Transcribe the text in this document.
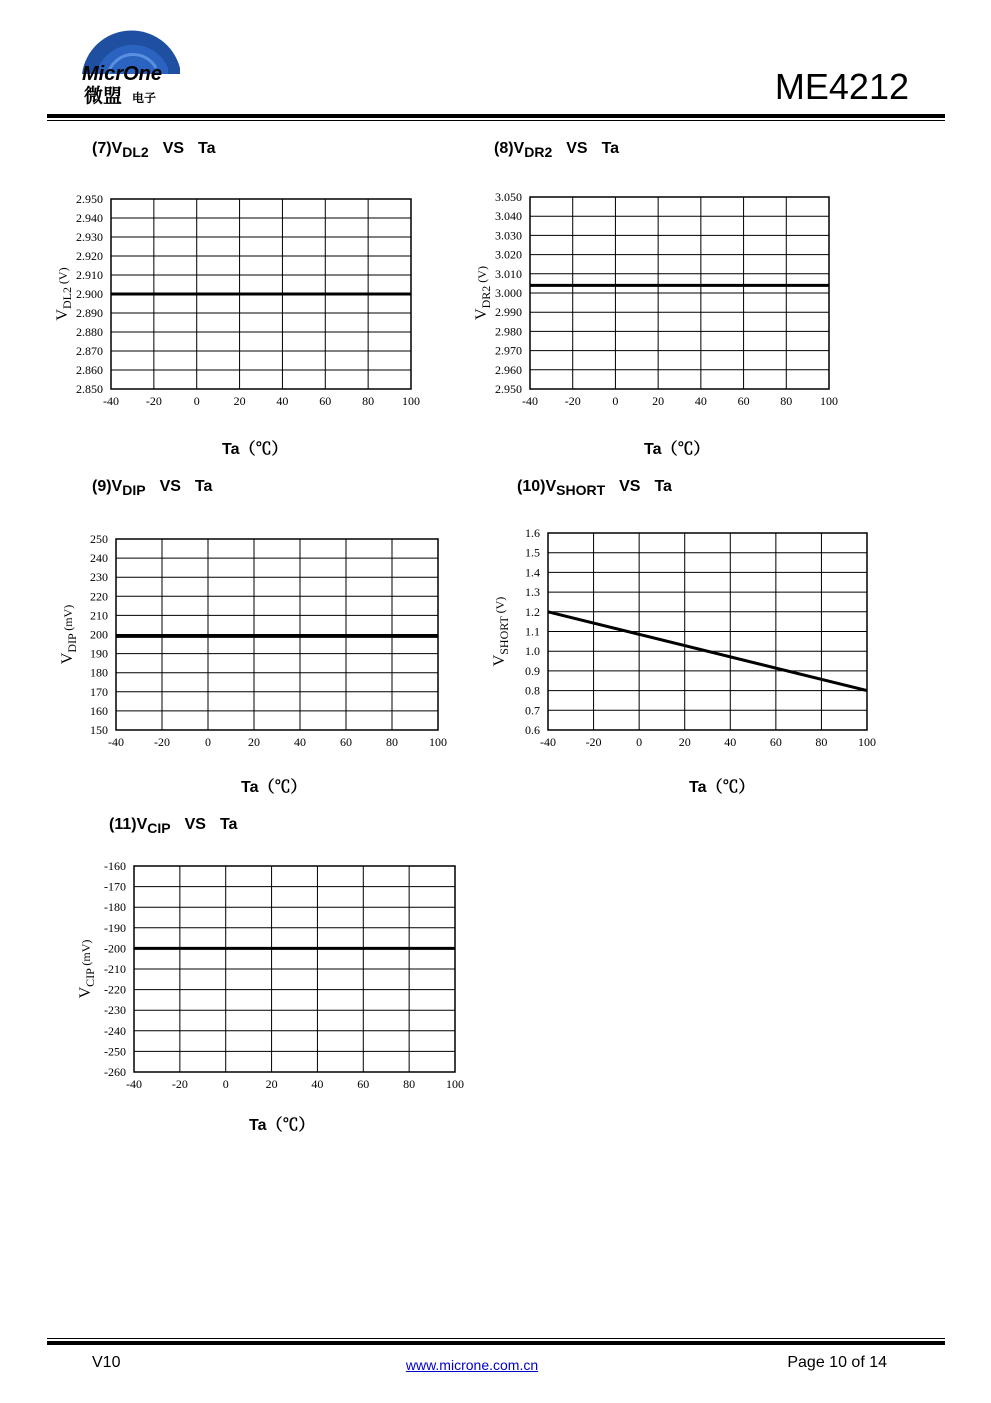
MicrOne
微盟 电子	ME4212
$(7)V_{DL2}$ VS Ta	$(8)V_{DR2}$ VS Ta
$(9)V_{DIP}$ VS Ta	$(10)V_{SHORT}$ VS Ta
$(11)V_{CIP}$ VS Ta
-40 -20	0	20	40	60	80 100
2.850
2.860
2.870
2.880
2.890
2.900
2.910
2.920
2.930
2.940
2.950
VDL2 (V)
-40 -20	0	20	40	60	80 100
2.950
2.960
2.970
2.980
2.990
3.000
3.010
3.020
3.030
3.040
3.050
VDR2 (V)
-40	-20	0	20	40	60	80	100
150
160
170
180
190
200
210
220
230
240
250
VDIP (mV)
-40 -20	0	20	40	60	80	100
0.6
0.7
0.8
0.9
1.0
1.1
1.2
1.3
1.4
1.5
1.6
VSHORT (V)
-40 -20	0	20	40	60	80	100
-260
-250
-240
-230
-220
-210
-200
-190
-180
-170
-160
VCIP (mV)
Ta（℃）	Ta（℃）
Ta（℃）	Ta（℃）
Ta（℃）
V10	www.microne.com.cn	Page 10 of 14
